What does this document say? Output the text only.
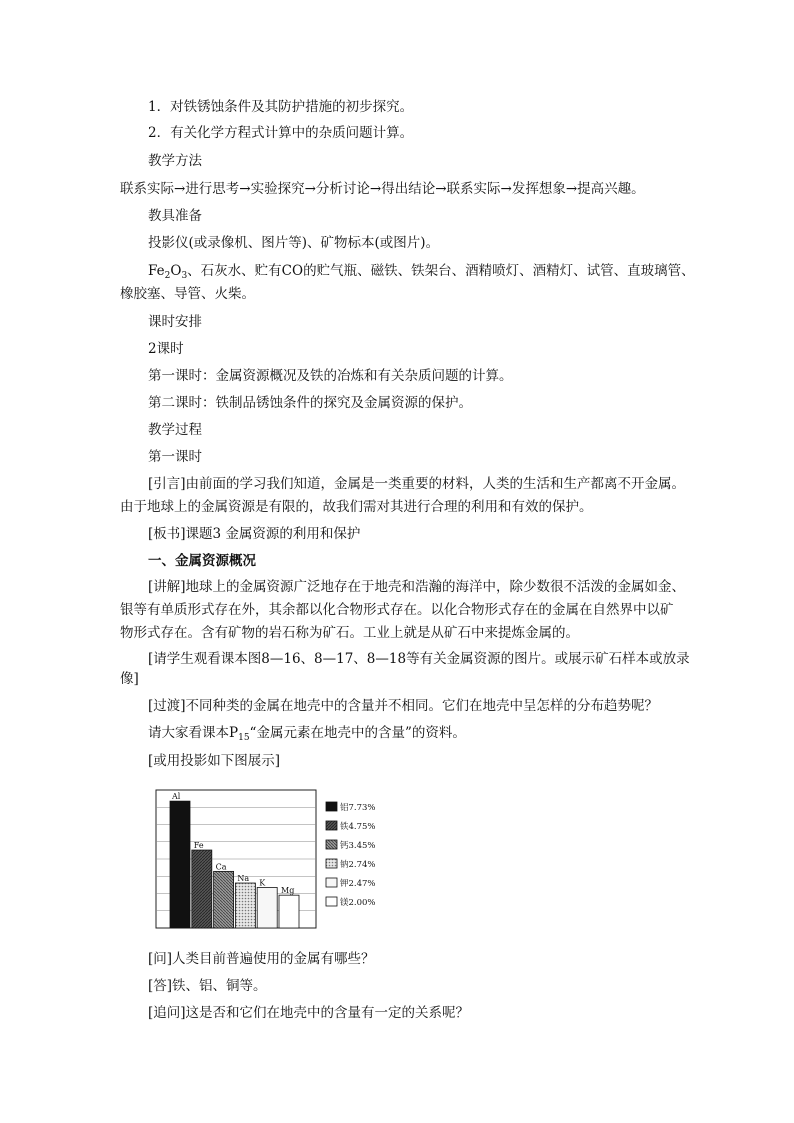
1．对铁锈蚀条件及其防护措施的初步探究。
2．有关化学方程式计算中的杂质问题计算。
教学方法
联系实际→进行思考→实验探究→分析讨论→得出结论→联系实际→发挥想象→提高兴趣。
教具准备
投影仪(或录像机、图片等)、矿物标本(或图片)。
$Fe_2O_3$、石灰水、贮有CO的贮气瓶、磁铁、铁架台、酒精喷灯、酒精灯、试管、直玻璃管、
橡胶塞、导管、火柴。
课时安排
2课时
第一课时：金属资源概况及铁的冶炼和有关杂质问题的计算。
第二课时：铁制品锈蚀条件的探究及金属资源的保护。
教学过程
第一课时
[引言]由前面的学习我们知道，金属是一类重要的材料，人类的生活和生产都离不开金属。
由于地球上的金属资源是有限的，故我们需对其进行合理的利用和有效的保护。
[板书]课题3 金属资源的利用和保护
一、金属资源概况
[讲解]地球上的金属资源广泛地存在于地壳和浩瀚的海洋中，除少数很不活泼的金属如金、
银等有单质形式存在外，其余都以化合物形式存在。以化合物形式存在的金属在自然界中以矿
物形式存在。含有矿物的岩石称为矿石。工业上就是从矿石中来提炼金属的。
[请学生观看课本图8—16、8—17、8—18等有关金属资源的图片。或展示矿石样本或放录
像]
[过渡]不同种类的金属在地壳中的含量并不相同。它们在地壳中呈怎样的分布趋势呢？
请大家看课本$P_{15}“$金属元素在地壳中的含量”的资料。
[或用投影如下图展示]
Al
Fe
Ca
Na K
Mg
铝7.73%
铁4.75%
钙3.45%
钠2.74%
钾2.47%
镁2.00%
[问]人类目前普遍使用的金属有哪些？
[答]铁、铝、铜等。
[追问]这是否和它们在地壳中的含量有一定的关系呢？
